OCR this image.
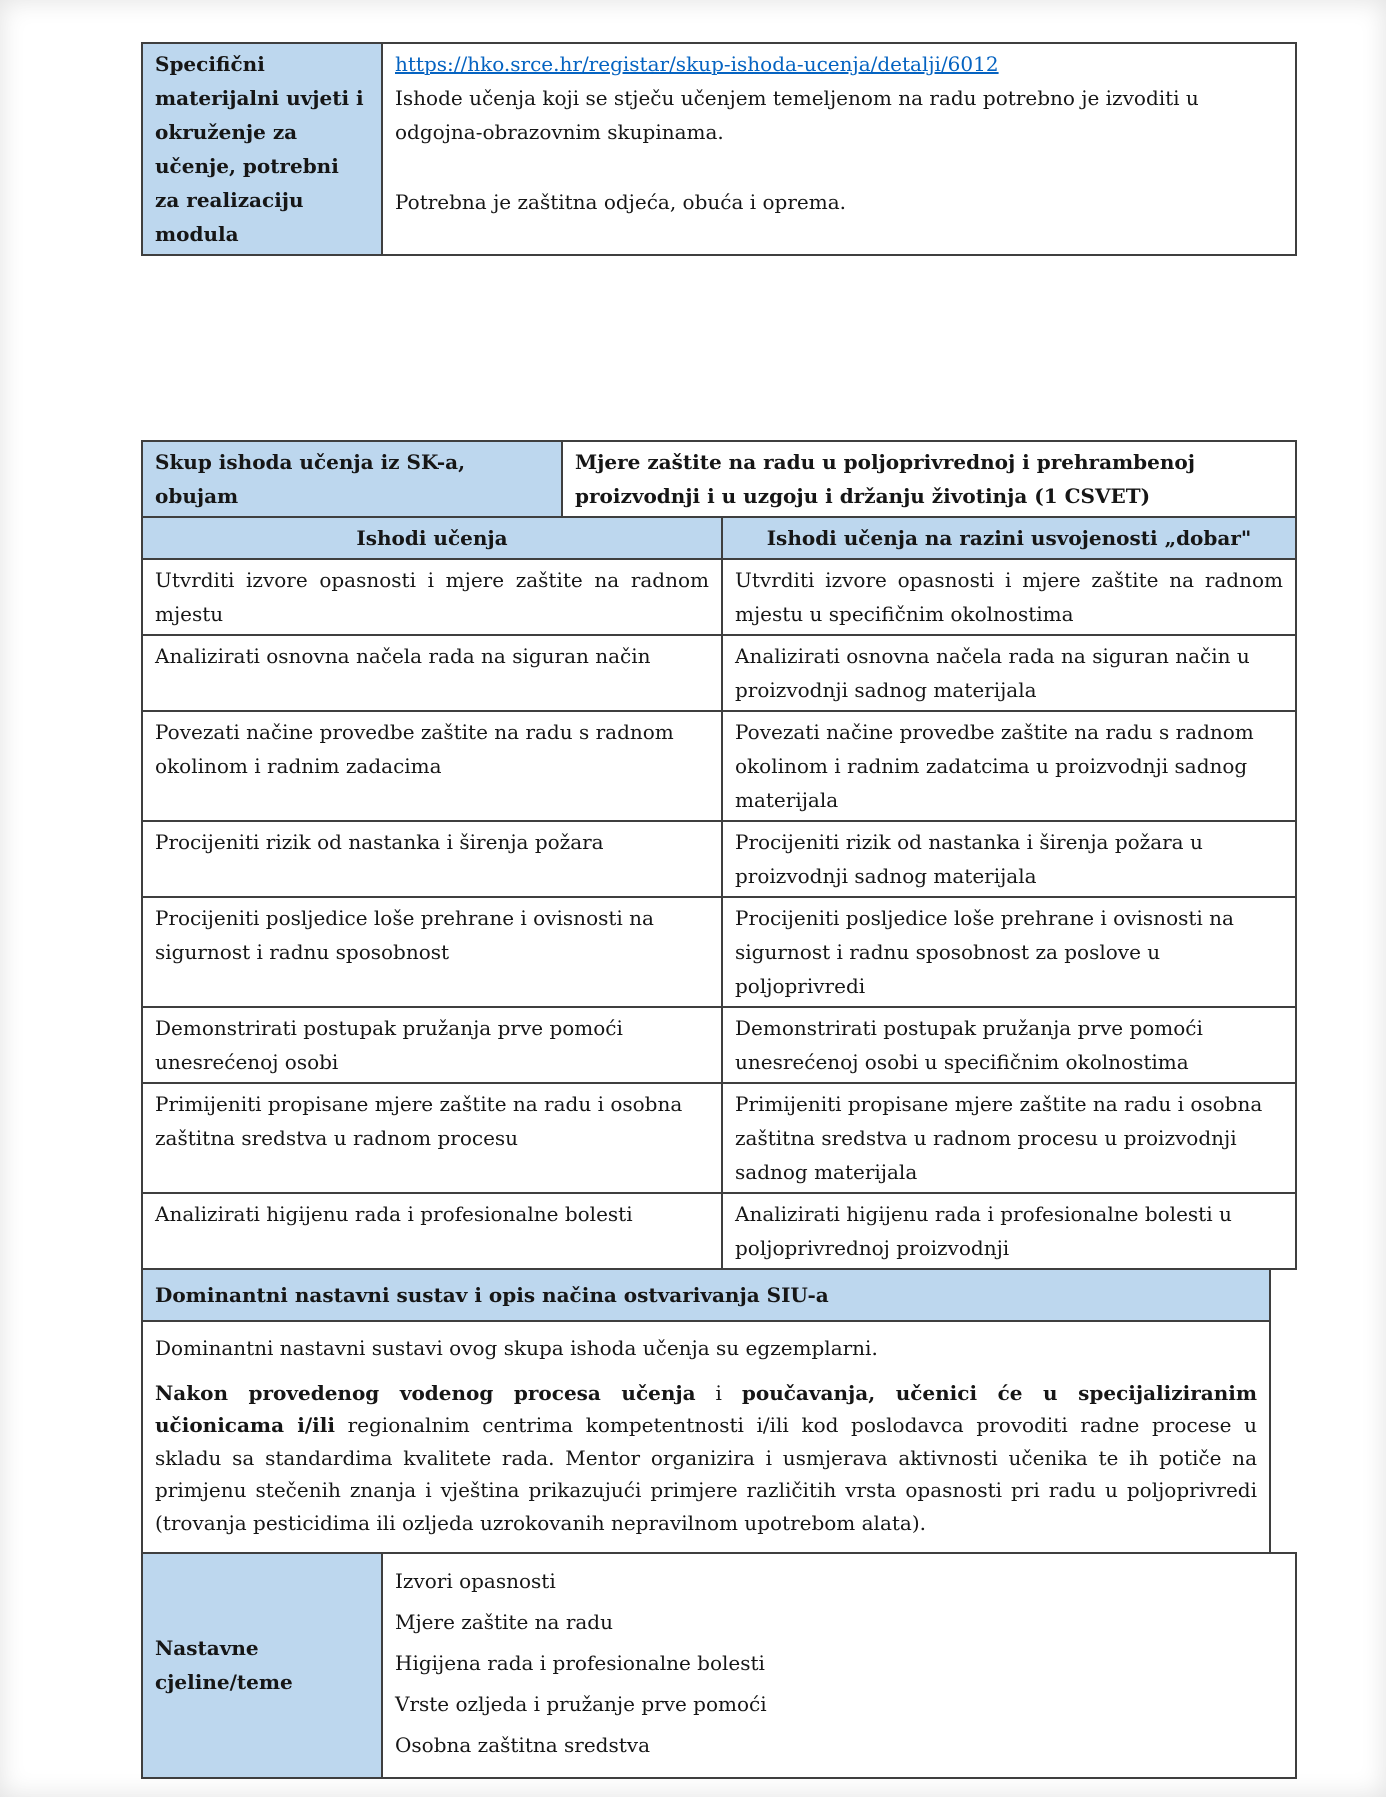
Specifični materijalni uvjeti i okruženje za učenje, potrebni za realizaciju modula	
https://hko.srce.hr/registar/skup-ishoda-ucenja/detalji/6012
Ishode učenja koji se stječu učenjem temeljenom na radu potrebno je izvoditi u odgojna-obrazovnim skupinama.
Potrebna je zaštitna odjeća, obuća i oprema.
Skup ishoda učenja iz SK-a, obujam	Mjere zaštite na radu u poljoprivrednoj i prehrambenoj proizvodnji i u uzgoju i držanju životinja (1 CSVET)
Ishodi učenja	Ishodi učenja na razini usvojenosti „dobar"
Utvrditi izvore opasnosti i mjere zaštite na radnom mjestu	Utvrditi izvore opasnosti i mjere zaštite na radnom mjestu u specifičnim okolnostima
Analizirati osnovna načela rada na siguran način	Analizirati osnovna načela rada na siguran način u proizvodnji sadnog materijala
Povezati načine provedbe zaštite na radu s radnom okolinom i radnim zadacima	Povezati načine provedbe zaštite na radu s radnom okolinom i radnim zadatcima u proizvodnji sadnog materijala
Procijeniti rizik od nastanka i širenja požara	Procijeniti rizik od nastanka i širenja požara u proizvodnji sadnog materijala
Procijeniti posljedice loše prehrane i ovisnosti na sigurnost i radnu sposobnost	Procijeniti posljedice loše prehrane i ovisnosti na sigurnost i radnu sposobnost za poslove u poljoprivredi
Demonstrirati postupak pružanja prve pomoći unesrećenoj osobi	Demonstrirati postupak pružanja prve pomoći unesrećenoj osobi u specifičnim okolnostima
Primijeniti propisane mjere zaštite na radu i osobna zaštitna sredstva u radnom procesu	Primijeniti propisane mjere zaštite na radu i osobna zaštitna sredstva u radnom procesu u proizvodnji sadnog materijala
Analizirati higijenu rada i profesionalne bolesti	Analizirati higijenu rada i profesionalne bolesti u poljoprivrednoj proizvodnji
Dominantni nastavni sustav i opis načina ostvarivanja SIU-a
Dominantni nastavni sustavi ovog skupa ishoda učenja su egzemplarni.
Nakon provedenog vodenog procesa učenja i poučavanja, učenici će u specijaliziranim učionicama i/ili regionalnim centrima kompetentnosti i/ili kod poslodavca provoditi radne procese u skladu sa standardima kvalitete rada. Mentor organizira i usmjerava aktivnosti učenika te ih potiče na primjenu stečenih znanja i vještina prikazujući primjere različitih vrsta opasnosti pri radu u poljoprivredi (trovanja pesticidima ili ozljeda uzrokovanih nepravilnom upotrebom alata).
Nastavne cjeline/teme	
Izvori opasnosti
Mjere zaštite na radu
Higijena rada i profesionalne bolesti
Vrste ozljeda i pružanje prve pomoći
Osobna zaštitna sredstva
